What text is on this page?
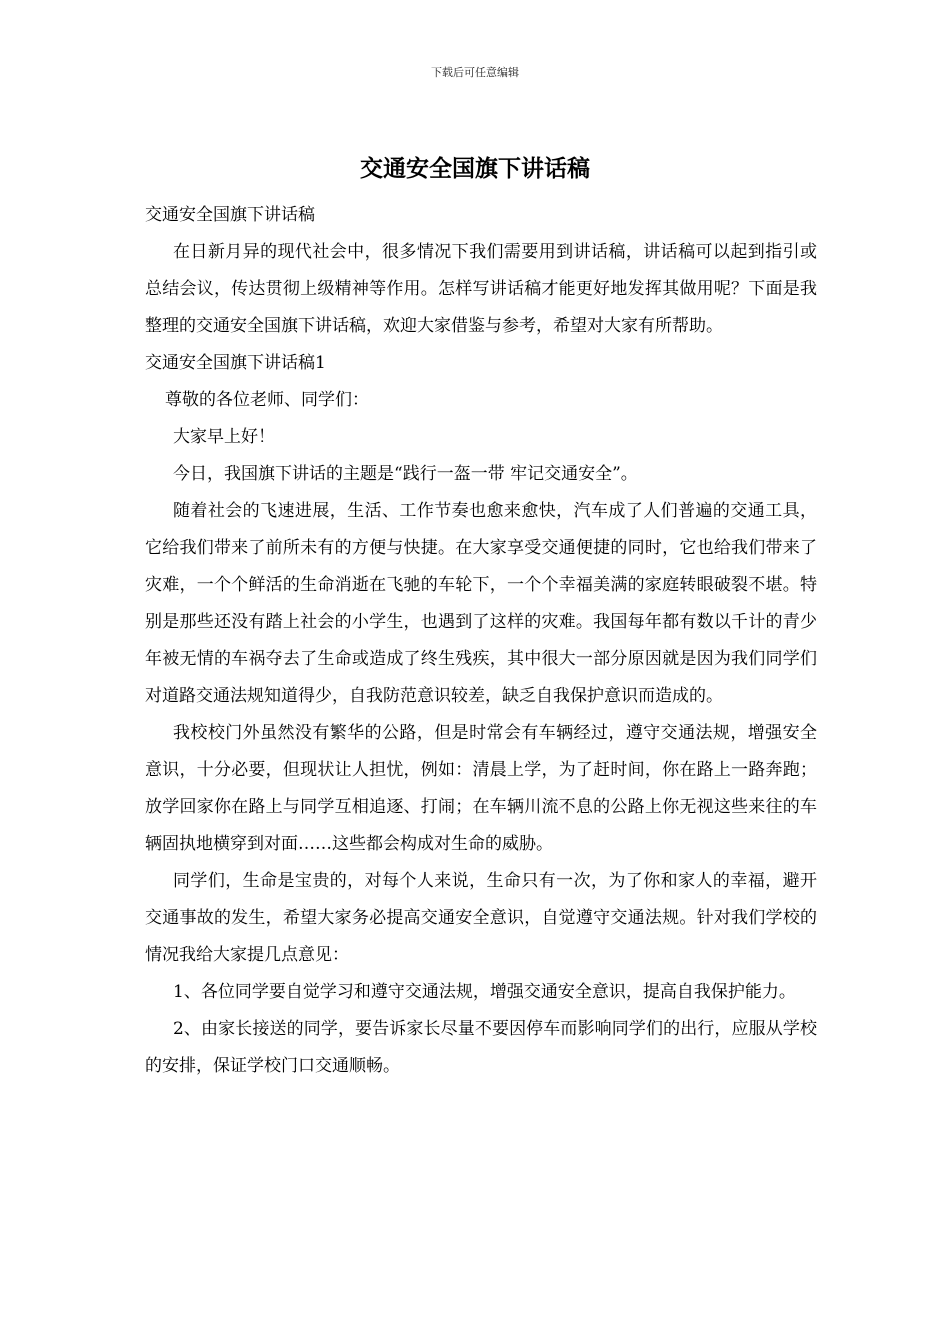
下载后可任意编辑
交通安全国旗下讲话稿

交通安全国旗下讲话稿

在日新月异的现代社会中，很多情况下我们需要用到讲话稿，讲话稿可以起到指引或总结会议，传达贯彻上级精神等作用。怎样写讲话稿才能更好地发挥其做用呢？下面是我整理的交通安全国旗下讲话稿，欢迎大家借鉴与参考，希望对大家有所帮助。

交通安全国旗下讲话稿1

尊敬的各位老师、同学们：

大家早上好！

今日，我国旗下讲话的主题是“践行一盔一带 牢记交通安全”。

随着社会的飞速进展，生活、工作节奏也愈来愈快，汽车成了人们普遍的交通工具，它给我们带来了前所未有的方便与快捷。在大家享受交通便捷的同时，它也给我们带来了灾难，一个个鲜活的生命消逝在飞驰的车轮下，一个个幸福美满的家庭转眼破裂不堪。特别是那些还没有踏上社会的小学生，也遇到了这样的灾难。我国每年都有数以千计的青少年被无情的车祸夺去了生命或造成了终生残疾，其中很大一部分原因就是因为我们同学们对道路交通法规知道得少，自我防范意识较差，缺乏自我保护意识而造成的。

我校校门外虽然没有繁华的公路，但是时常会有车辆经过，遵守交通法规，增强安全意识，十分必要，但现状让人担忧，例如：清晨上学，为了赶时间，你在路上一路奔跑；放学回家你在路上与同学互相追逐、打闹；在车辆川流不息的公路上你无视这些来往的车辆固执地横穿到对面……这些都会构成对生命的威胁。

同学们，生命是宝贵的，对每个人来说，生命只有一次，为了你和家人的幸福，避开交通事故的发生，希望大家务必提高交通安全意识，自觉遵守交通法规。针对我们学校的情况我给大家提几点意见：

1、各位同学要自觉学习和遵守交通法规，增强交通安全意识，提高自我保护能力。

2、由家长接送的同学，要告诉家长尽量不要因停车而影响同学们的出行，应服从学校的安排，保证学校门口交通顺畅。
